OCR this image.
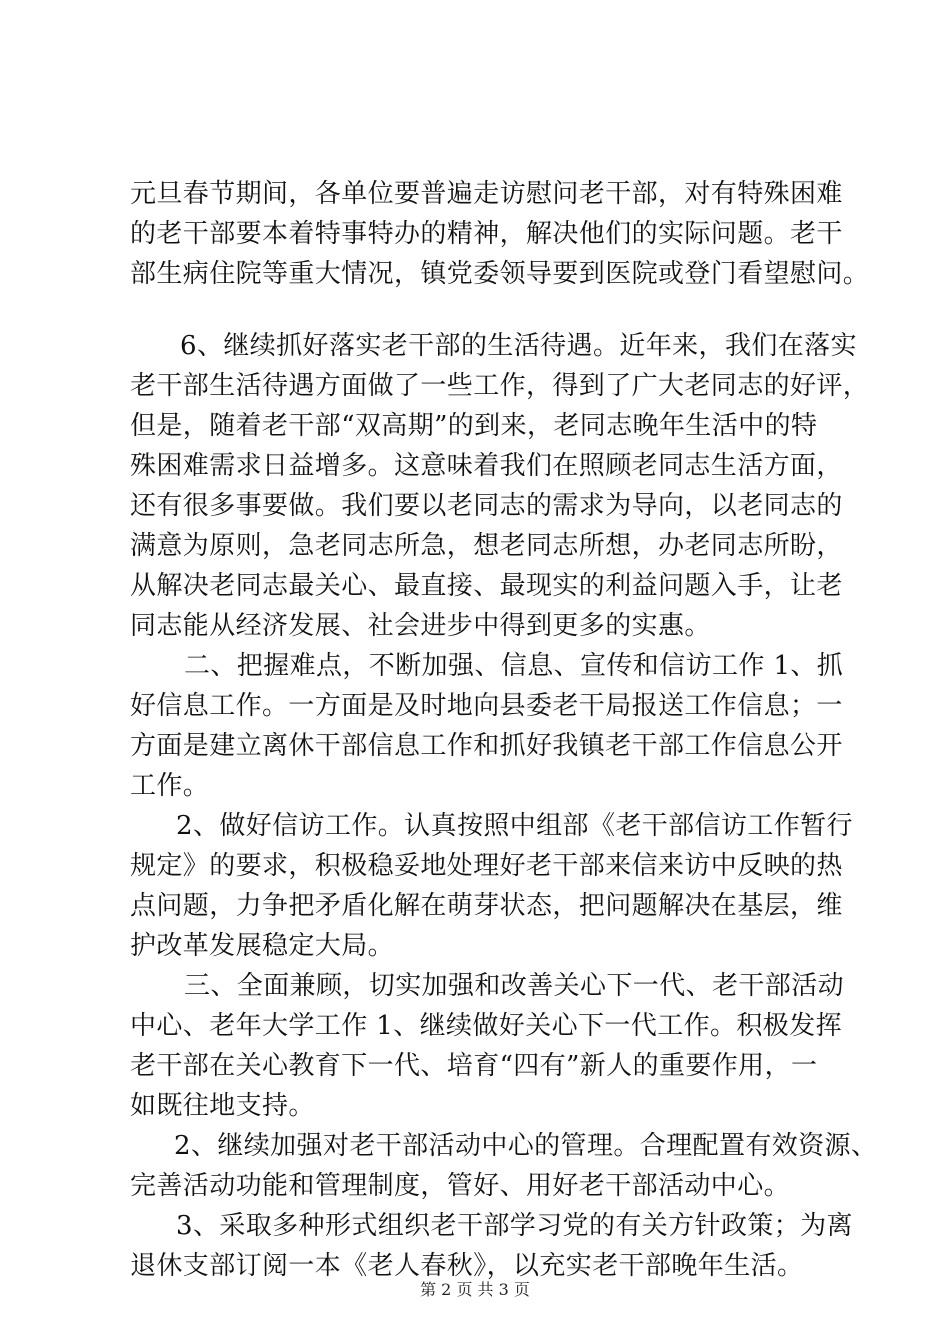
元旦春节期间，各单位要普遍走访慰问老干部，对有特殊困难
的老干部要本着特事特办的精神，解决他们的实际问题。老干
部生病住院等重大情况，镇党委领导要到医院或登门看望慰问。
6、继续抓好落实老干部的生活待遇。近年来，我们在落实
老干部生活待遇方面做了一些工作，得到了广大老同志的好评，
但是，随着老干部“双高期”的到来，老同志晚年生活中的特
殊困难需求日益增多。这意味着我们在照顾老同志生活方面，
还有很多事要做。我们要以老同志的需求为导向，以老同志的
满意为原则，急老同志所急，想老同志所想，办老同志所盼，
从解决老同志最关心、最直接、最现实的利益问题入手，让老
同志能从经济发展、社会进步中得到更多的实惠。
二、把握难点，不断加强、信息、宣传和信访工作 1、抓
好信息工作。一方面是及时地向县委老干局报送工作信息；一
方面是建立离休干部信息工作和抓好我镇老干部工作信息公开
工作。
2、做好信访工作。认真按照中组部《老干部信访工作暂行
规定》的要求，积极稳妥地处理好老干部来信来访中反映的热
点问题，力争把矛盾化解在萌芽状态，把问题解决在基层，维
护改革发展稳定大局。
三、全面兼顾，切实加强和改善关心下一代、老干部活动
中心、老年大学工作 1、继续做好关心下一代工作。积极发挥
老干部在关心教育下一代、培育“四有”新人的重要作用，一
如既往地支持。
2、继续加强对老干部活动中心的管理。合理配置有效资源、
完善活动功能和管理制度，管好、用好老干部活动中心。
3、采取多种形式组织老干部学习党的有关方针政策；为离
退休支部订阅一本《老人春秋》，以充实老干部晚年生活。
第 2 页 共 3 页
